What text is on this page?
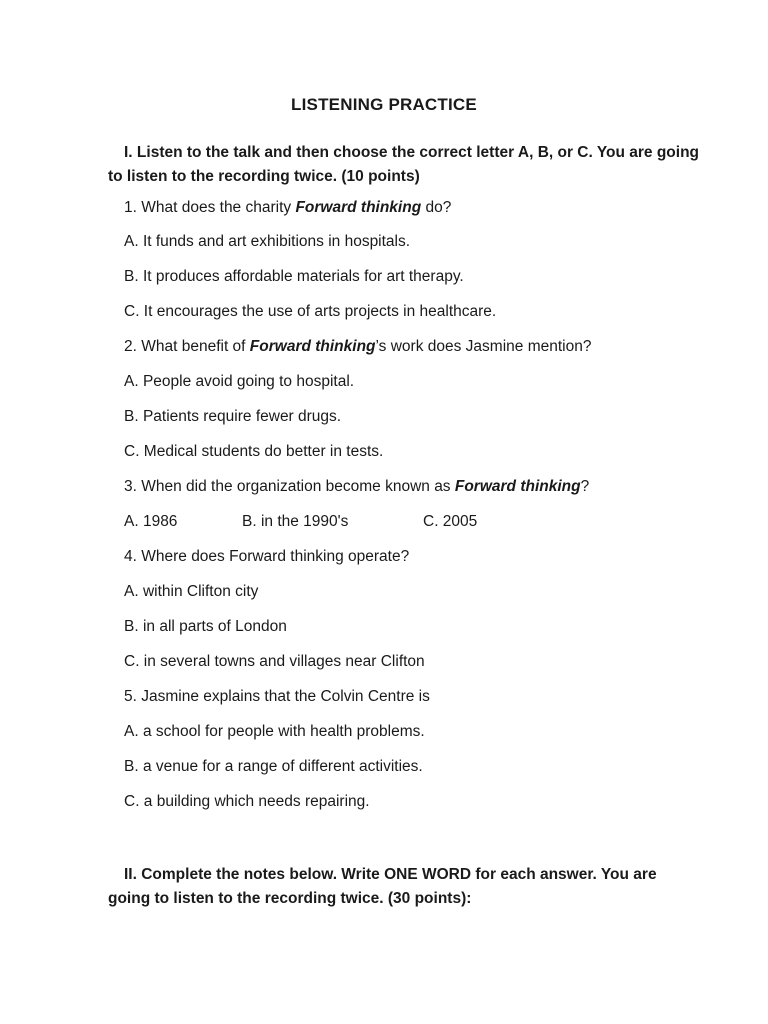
LISTENING PRACTICE
I. Listen to the talk and then choose the correct letter A, B, or C. You are going
to listen to the recording twice. (10 points)
1. What does the charity Forward thinking do?
A. It funds and art exhibitions in hospitals.
B. It produces affordable materials for art therapy.
C. It encourages the use of arts projects in healthcare.
2. What benefit of Forward thinking’s work does Jasmine mention?
A. People avoid going to hospital.
B. Patients require fewer drugs.
C. Medical students do better in tests.
3. When did the organization become known as Forward thinking?
A. 1986	B. in the 1990's	C. 2005
4. Where does Forward thinking operate?
A. within Clifton city
B. in all parts of London
C. in several towns and villages near Clifton
5. Jasmine explains that the Colvin Centre is
A. a school for people with health problems.
B. a venue for a range of different activities.
C. a building which needs repairing.
II. Complete the notes below. Write ONE WORD for each answer. You are
going to listen to the recording twice. (30 points):
